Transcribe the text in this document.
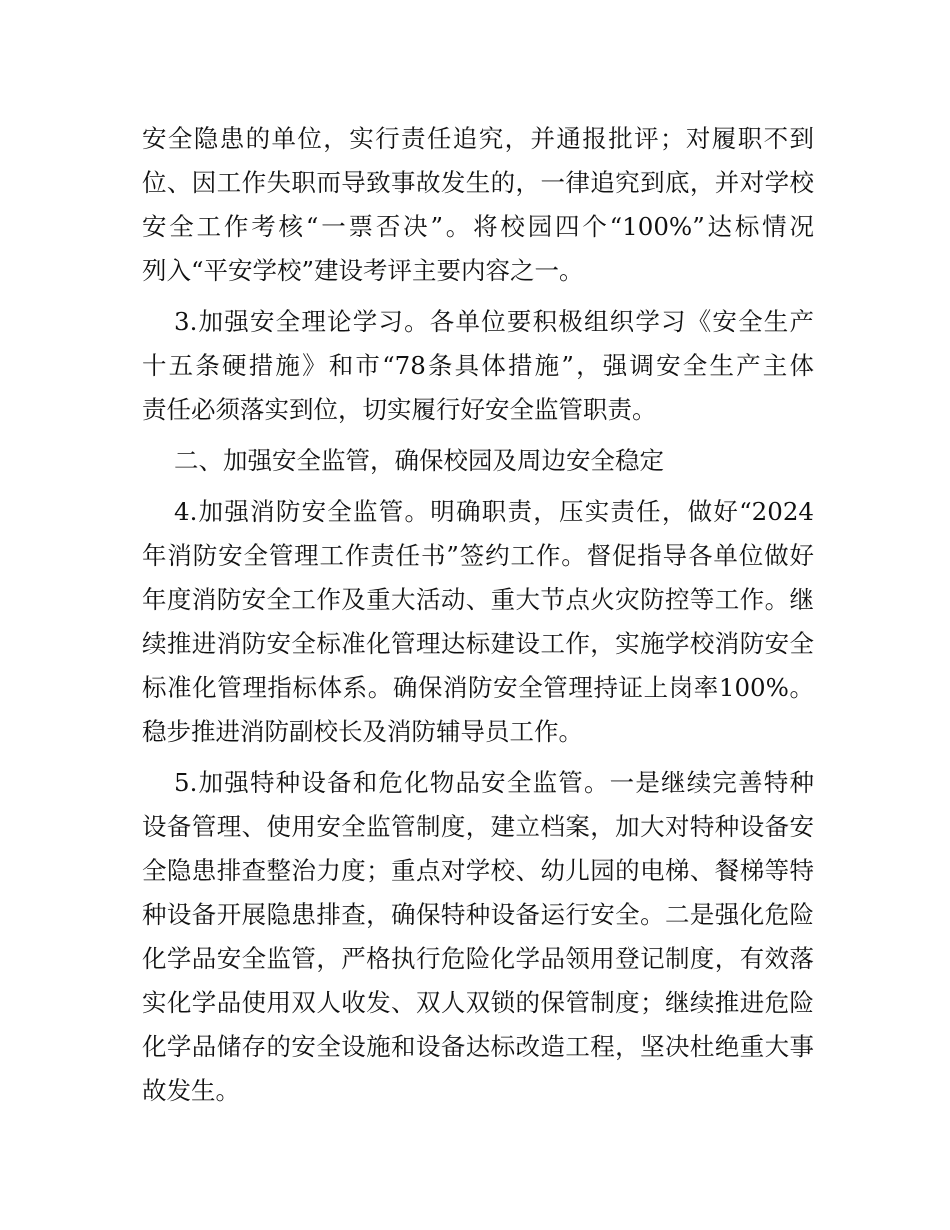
安全隐患的单位，实行责任追究，并通报批评；对履职不到
位、因工作失职而导致事故发生的，一律追究到底，并对学校
安全工作考核“一票否决”。将校园四个“100%”达标情况
列入“平安学校”建设考评主要内容之一。
3.加强安全理论学习。各单位要积极组织学习《安全生产
十五条硬措施》和市“78条具体措施”，强调安全生产主体
责任必须落实到位，切实履行好安全监管职责。
二、加强安全监管，确保校园及周边安全稳定
4.加强消防安全监管。明确职责，压实责任，做好“2024
年消防安全管理工作责任书”签约工作。督促指导各单位做好
年度消防安全工作及重大活动、重大节点火灾防控等工作。继
续推进消防安全标准化管理达标建设工作，实施学校消防安全
标准化管理指标体系。确保消防安全管理持证上岗率100%。
稳步推进消防副校长及消防辅导员工作。
5.加强特种设备和危化物品安全监管。一是继续完善特种
设备管理、使用安全监管制度，建立档案，加大对特种设备安
全隐患排查整治力度；重点对学校、幼儿园的电梯、餐梯等特
种设备开展隐患排查，确保特种设备运行安全。二是强化危险
化学品安全监管，严格执行危险化学品领用登记制度，有效落
实化学品使用双人收发、双人双锁的保管制度；继续推进危险
化学品储存的安全设施和设备达标改造工程，坚决杜绝重大事
故发生。
